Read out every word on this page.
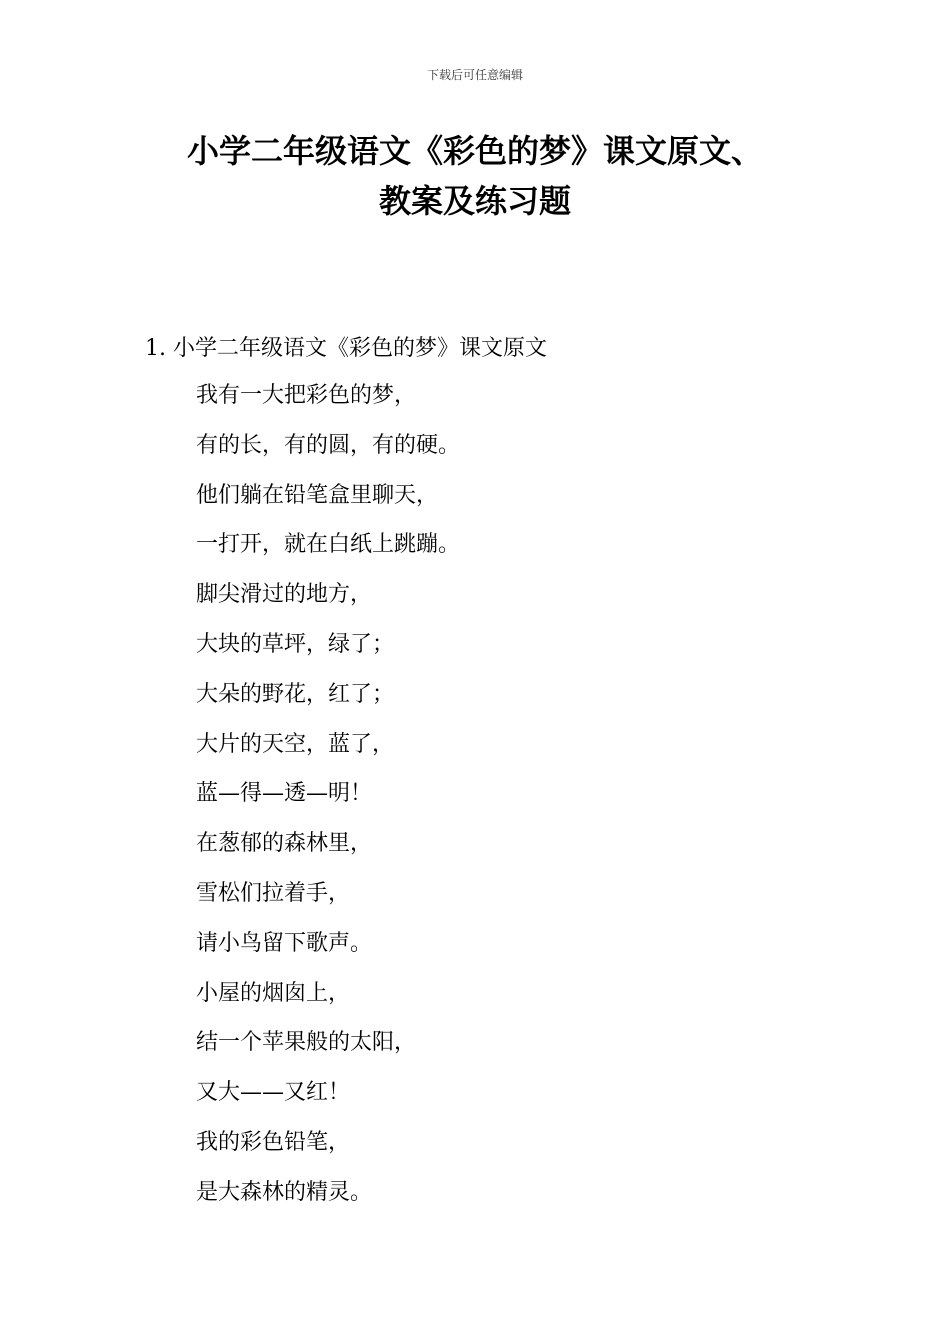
下载后可任意编辑
小学二年级语文《彩色的梦》课文原文、
教案及练习题
1. 小学二年级语文《彩色的梦》课文原文
我有一大把彩色的梦，
有的长，有的圆，有的硬。
他们躺在铅笔盒里聊天，
一打开，就在白纸上跳蹦。
脚尖滑过的地方，
大块的草坪，绿了；
大朵的野花，红了；
大片的天空，蓝了，
蓝—得—透—明！
在葱郁的森林里，
雪松们拉着手，
请小鸟留下歌声。
小屋的烟囱上，
结一个苹果般的太阳，
又大——又红！
我的彩色铅笔，
是大森林的精灵。
